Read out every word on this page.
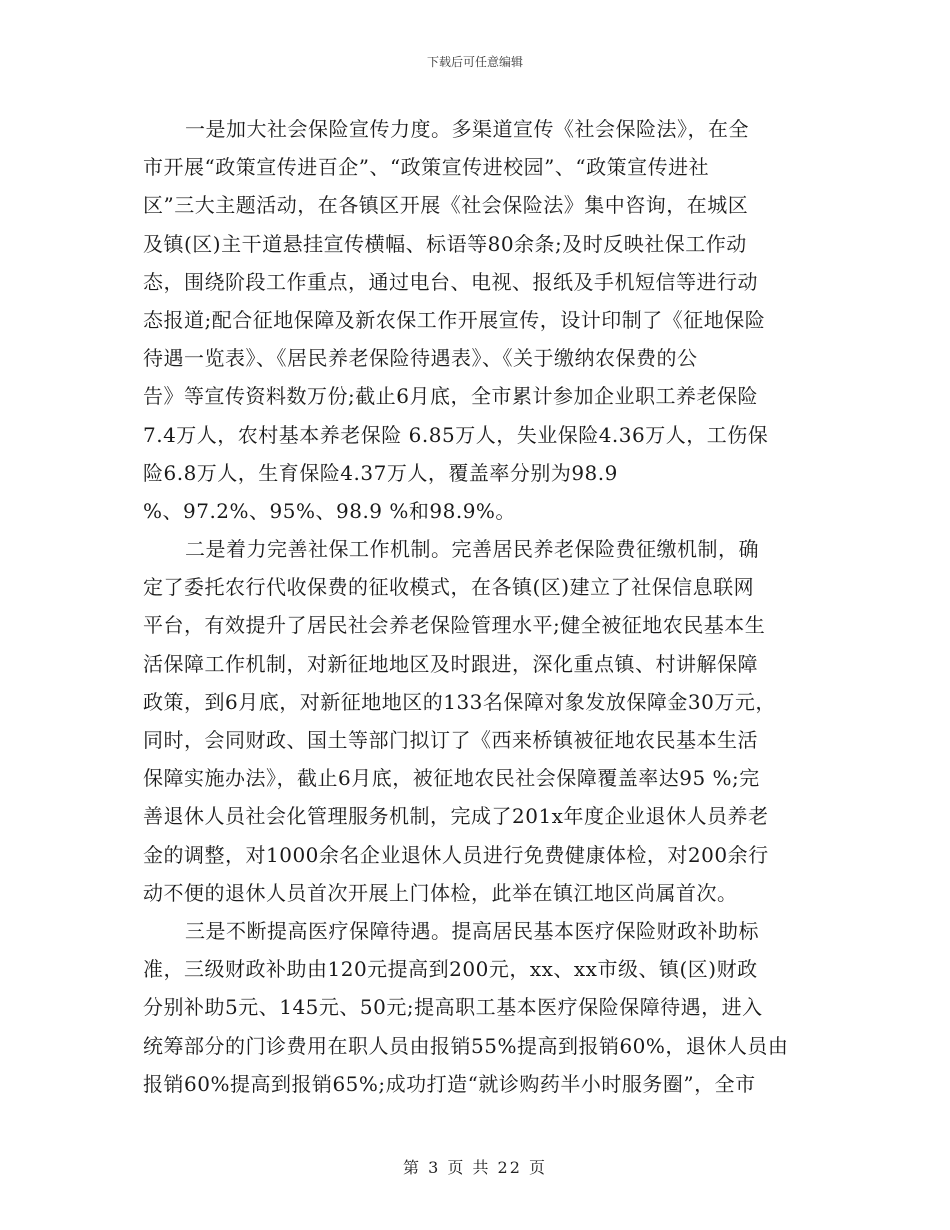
下载后可任意编辑
一是加大社会保险宣传力度。多渠道宣传《社会保险法》，在全
市开展“政策宣传进百企”、“政策宣传进校园”、“政策宣传进社
区”三大主题活动，在各镇区开展《社会保险法》集中咨询，在城区
及镇(区)主干道悬挂宣传横幅、标语等80余条;及时反映社保工作动
态，围绕阶段工作重点，通过电台、电视、报纸及手机短信等进行动
态报道;配合征地保障及新农保工作开展宣传，设计印制了《征地保险
待遇一览表》、《居民养老保险待遇表》、《关于缴纳农保费的公
告》等宣传资料数万份;截止6月底，全市累计参加企业职工养老保险
7.4万人，农村基本养老保险 6.85万人，失业保险4.36万人，工伤保
险6.8万人，生育保险4.37万人，覆盖率分别为98.9
%、97.2%、95%、98.9 %和98.9%。
二是着力完善社保工作机制。完善居民养老保险费征缴机制，确
定了委托农行代收保费的征收模式，在各镇(区)建立了社保信息联网
平台，有效提升了居民社会养老保险管理水平;健全被征地农民基本生
活保障工作机制，对新征地地区及时跟进，深化重点镇、村讲解保障
政策，到6月底，对新征地地区的133名保障对象发放保障金30万元，
同时，会同财政、国土等部门拟订了《西来桥镇被征地农民基本生活
保障实施办法》，截止6月底，被征地农民社会保障覆盖率达95 %;完
善退休人员社会化管理服务机制，完成了201x年度企业退休人员养老
金的调整，对1000余名企业退休人员进行免费健康体检，对200余行
动不便的退休人员首次开展上门体检，此举在镇江地区尚属首次。
三是不断提高医疗保障待遇。提高居民基本医疗保险财政补助标
准，三级财政补助由120元提高到200元，xx、xx市级、镇(区)财政
分别补助5元、145元、50元;提高职工基本医疗保险保障待遇，进入
统筹部分的门诊费用在职人员由报销55%提高到报销60%，退休人员由
报销60%提高到报销65%;成功打造“就诊购药半小时服务圈”，全市
第 3 页 共 22 页
